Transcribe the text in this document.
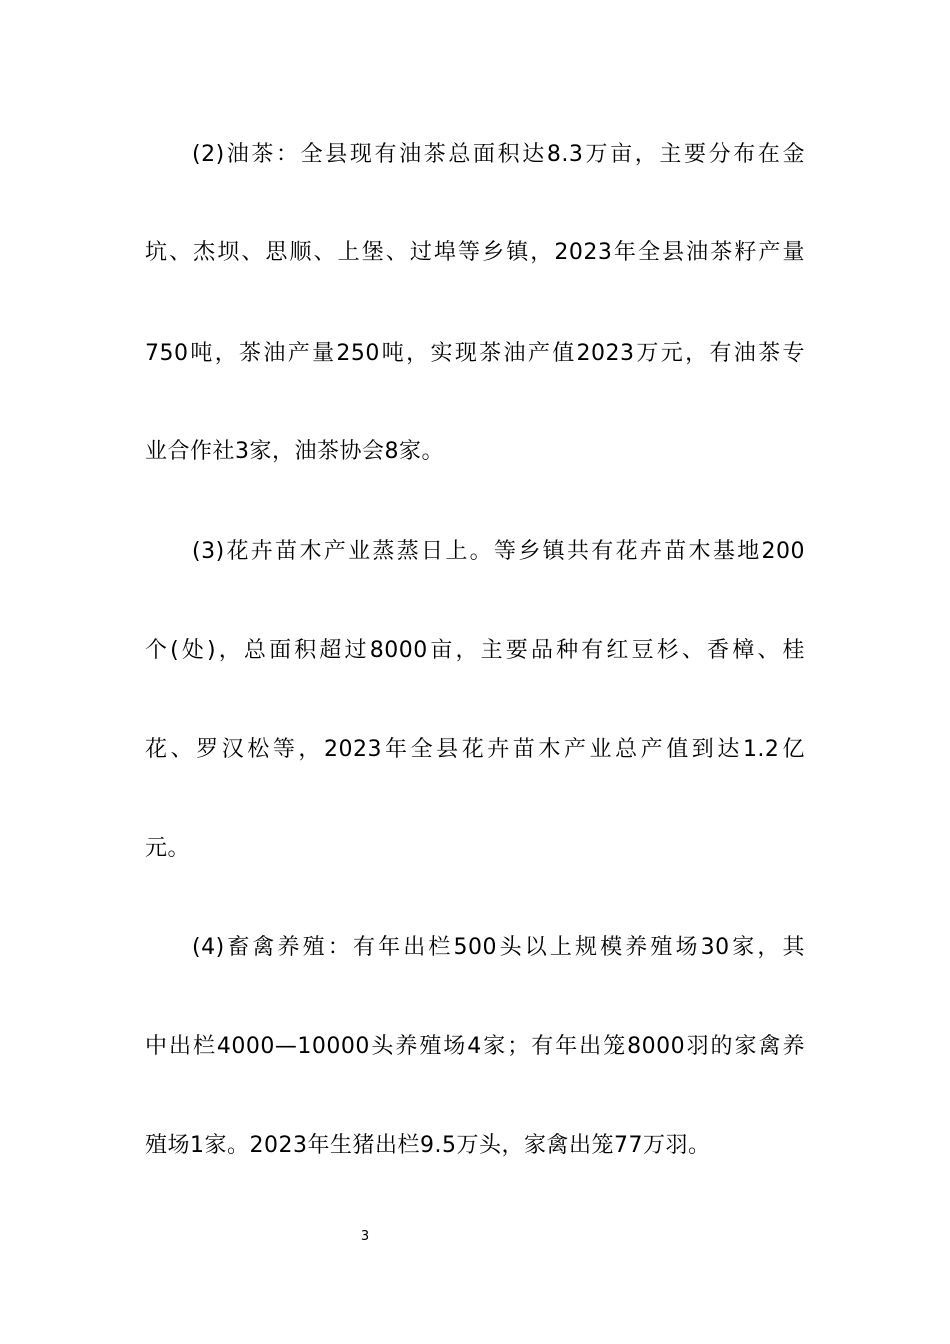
(2)油茶：全县现有油茶总面积达8.3万亩，主要分布在金
坑、杰坝、思顺、上堡、过埠等乡镇，2023年全县油茶籽产量
750吨，茶油产量250吨，实现茶油产值2023万元，有油茶专
业合作社3家，油茶协会8家。
(3)花卉苗木产业蒸蒸日上。等乡镇共有花卉苗木基地200
个(处)，总面积超过8000亩，主要品种有红豆杉、香樟、桂
花、罗汉松等，2023年全县花卉苗木产业总产值到达1.2亿
元。
(4)畜禽养殖：有年出栏500头以上规模养殖场30家，其
中出栏4000—10000头养殖场4家；有年出笼8000羽的家禽养
殖场1家。2023年生猪出栏9.5万头，家禽出笼77万羽。
3
